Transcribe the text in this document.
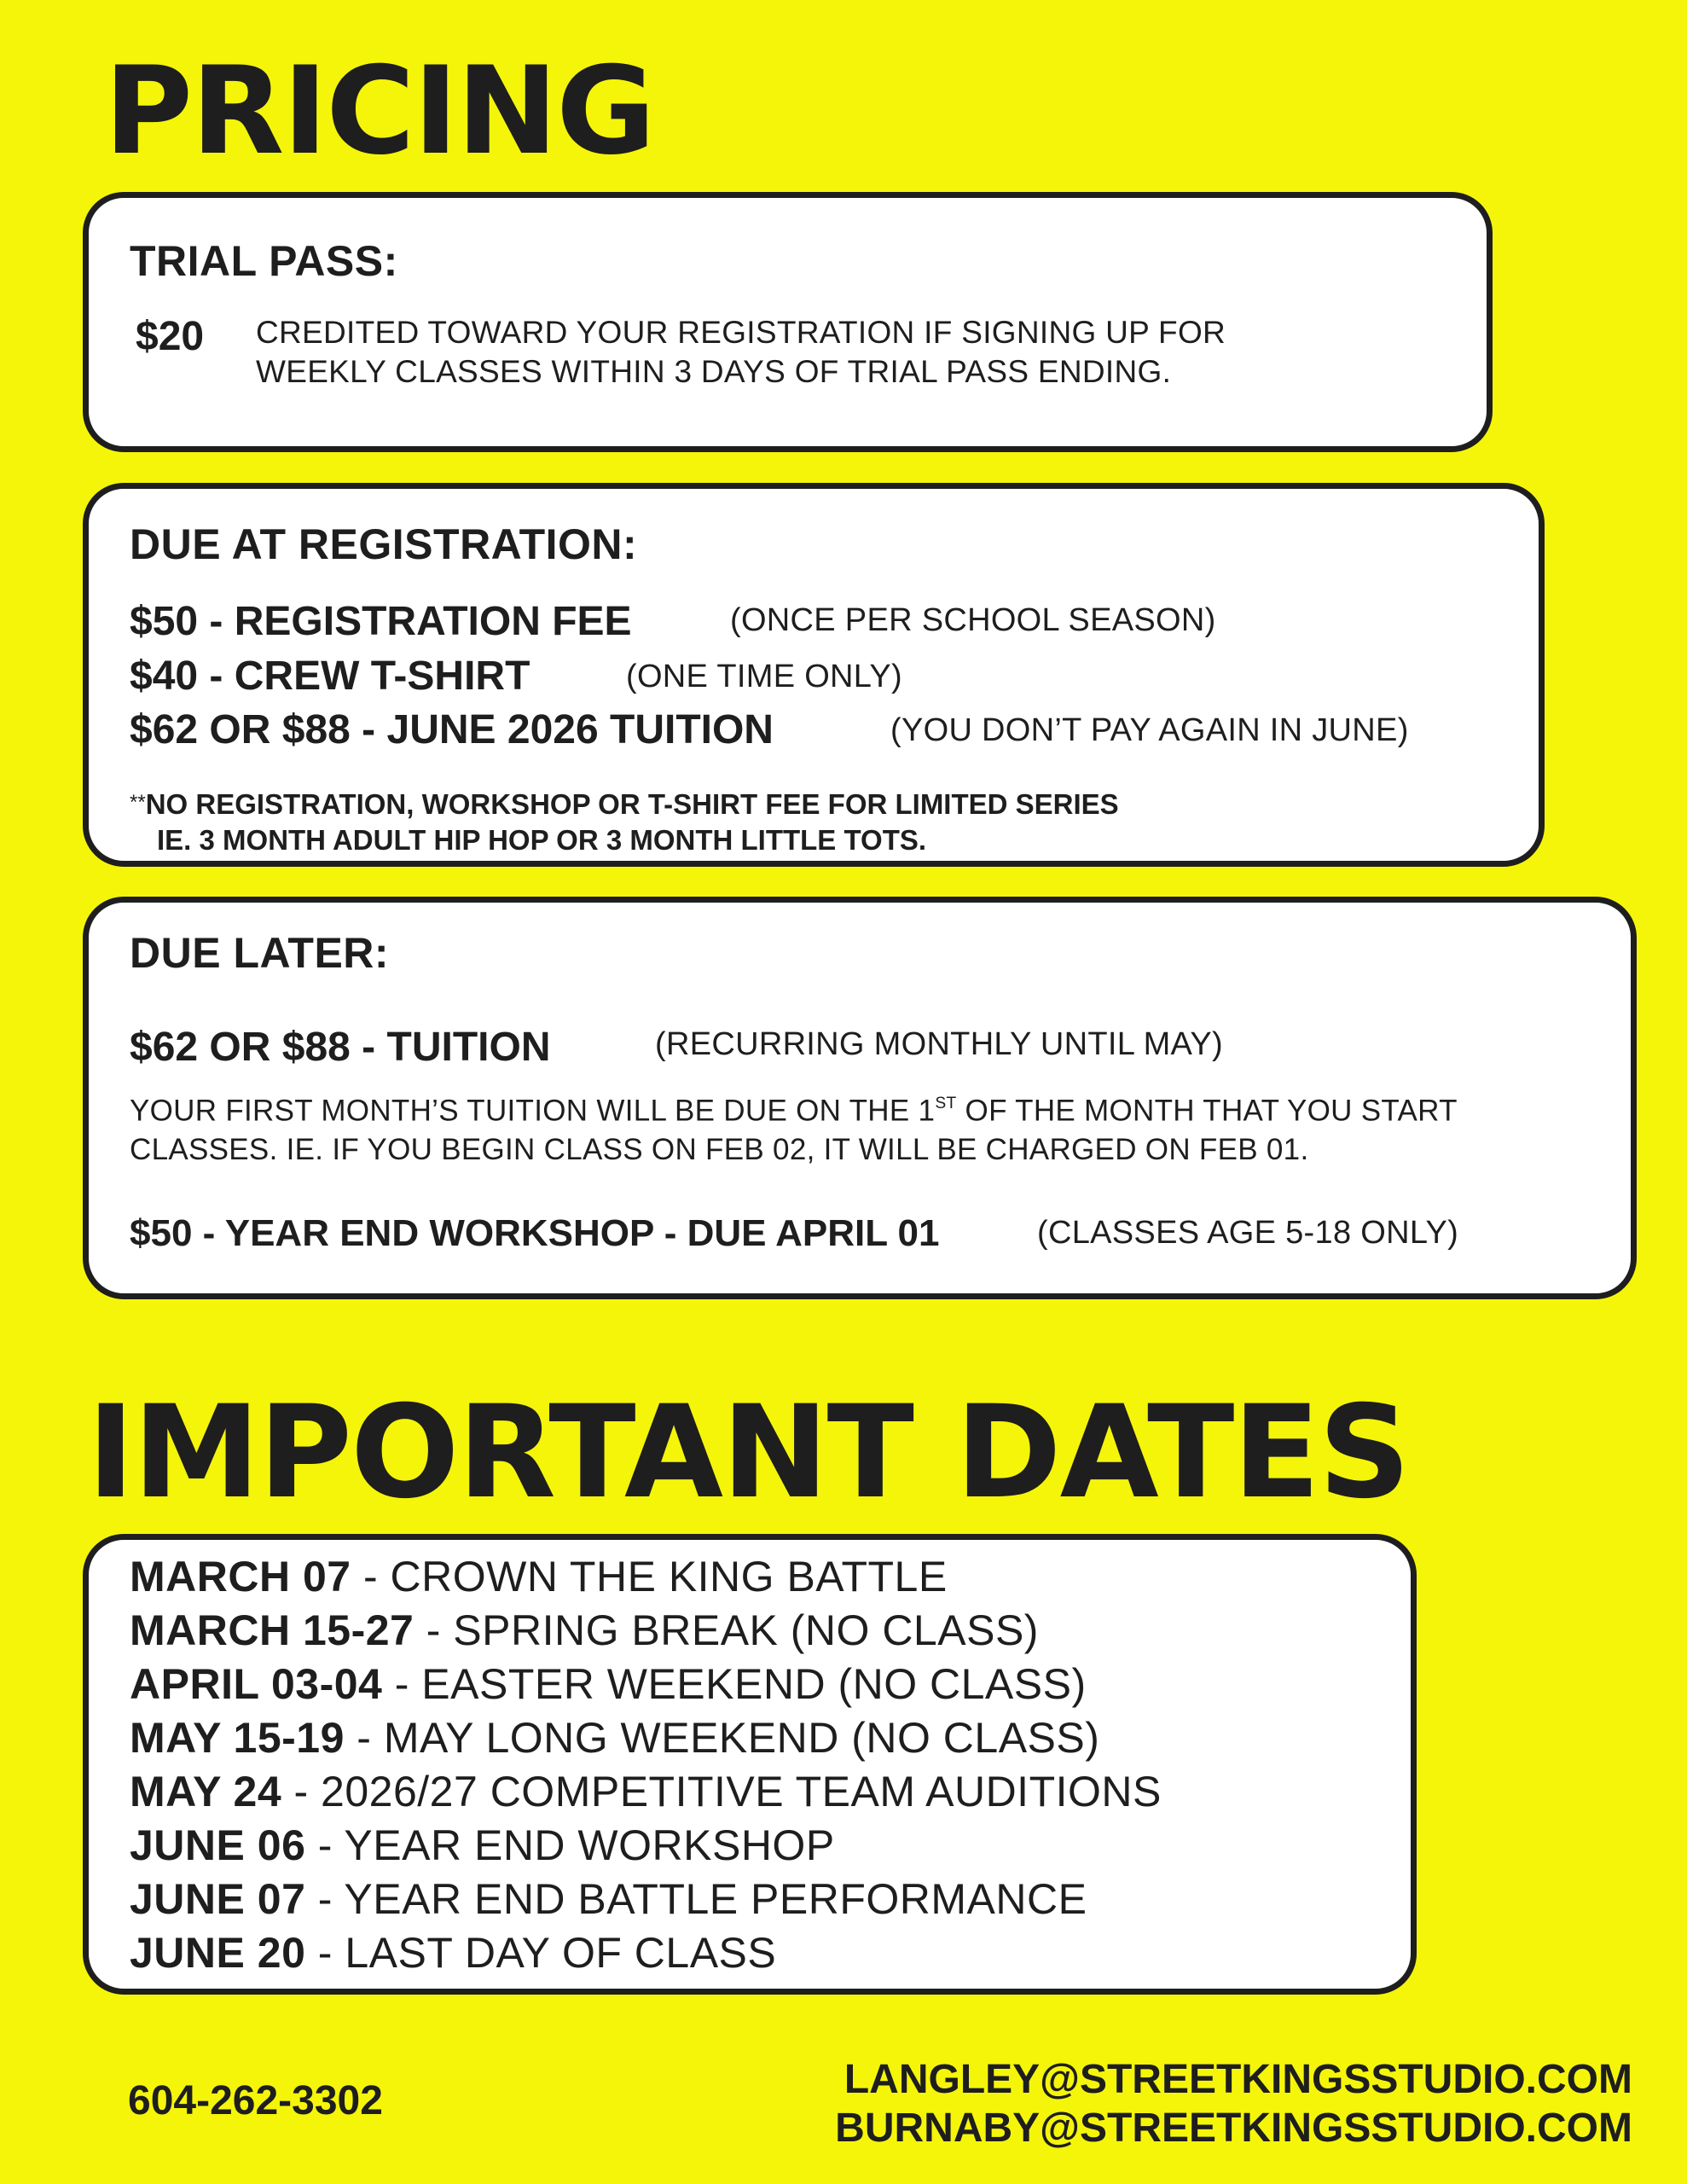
PRICING
TRIAL PASS:
$20 CREDITED TOWARD YOUR REGISTRATION IF SIGNING UP FOR
WEEKLY CLASSES WITHIN 3 DAYS OF TRIAL PASS ENDING.
DUE AT REGISTRATION:
$50 - REGISTRATION FEE	(ONCE PER SCHOOL SEASON)
$40 - CREW T-SHIRT	(ONE TIME ONLY)
$62 OR $88 - JUNE 2026 TUITION	(YOU DON’T PAY AGAIN IN JUNE)
**NO REGISTRATION, WORKSHOP OR T-SHIRT FEE FOR LIMITED SERIES
IE. 3 MONTH ADULT HIP HOP OR 3 MONTH LITTLE TOTS.
DUE LATER:
$62 OR $88 - TUITION	(RECURRING MONTHLY UNTIL MAY)
YOUR FIRST MONTH’S TUITION WILL BE DUE ON THE 1ST OF THE MONTH THAT YOU START
CLASSES. IE. IF YOU BEGIN CLASS ON FEB 02, IT WILL BE CHARGED ON FEB 01.
$50 - YEAR END WORKSHOP - DUE APRIL 01	(CLASSES AGE 5-18 ONLY)
IMPORTANT DATES
MARCH 07 - CROWN THE KING BATTLE
MARCH 15-27 - SPRING BREAK (NO CLASS)
APRIL 03-04 - EASTER WEEKEND (NO CLASS)
MAY 15-19 - MAY LONG WEEKEND (NO CLASS)
MAY 24 - 2026/27 COMPETITIVE TEAM AUDITIONS
JUNE 06 - YEAR END WORKSHOP
JUNE 07 - YEAR END BATTLE PERFORMANCE
JUNE 20 - LAST DAY OF CLASS
604-262-3302	LANGLEY@STREETKINGSSTUDIO.COM
BURNABY@STREETKINGSSTUDIO.COM
